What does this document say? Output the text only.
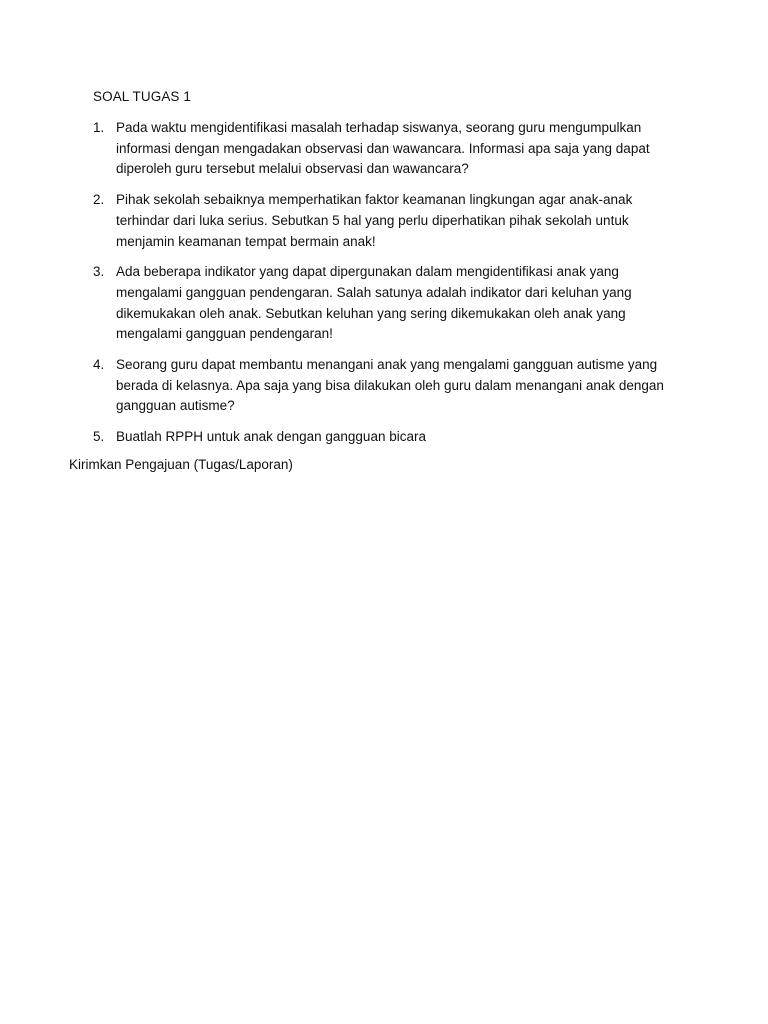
SOAL TUGAS 1
1. Pada waktu mengidentifikasi masalah terhadap siswanya, seorang guru mengumpulkan
informasi dengan mengadakan observasi dan wawancara. Informasi apa saja yang dapat
diperoleh guru tersebut melalui observasi dan wawancara?
2. Pihak sekolah sebaiknya memperhatikan faktor keamanan lingkungan agar anak-anak
terhindar dari luka serius. Sebutkan 5 hal yang perlu diperhatikan pihak sekolah untuk
menjamin keamanan tempat bermain anak!
3. Ada beberapa indikator yang dapat dipergunakan dalam mengidentifikasi anak yang
mengalami gangguan pendengaran. Salah satunya adalah indikator dari keluhan yang
dikemukakan oleh anak. Sebutkan keluhan yang sering dikemukakan oleh anak yang
mengalami gangguan pendengaran!
4. Seorang guru dapat membantu menangani anak yang mengalami gangguan autisme yang
berada di kelasnya. Apa saja yang bisa dilakukan oleh guru dalam menangani anak dengan
gangguan autisme?
5. Buatlah RPPH untuk anak dengan gangguan bicara
Kirimkan Pengajuan (Tugas/Laporan)
